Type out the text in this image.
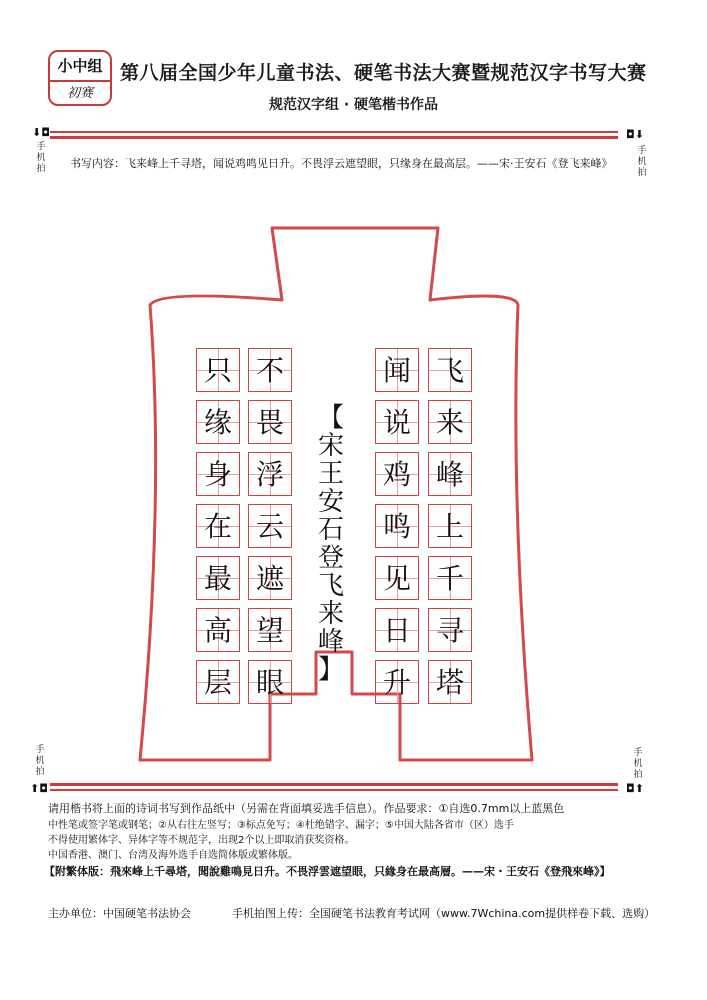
小中组
初赛
第八届全国少年儿童书法、硬笔书法大赛暨规范汉字书写大赛
规范汉字组 · 硬笔楷书作品
⬇◘
手机拍
◘⬇
手机拍
书写内容：飞来峰上千寻塔，闻说鸡鸣见日升。不畏浮云遮望眼，只缘身在最高层。——宋·王安石《登飞来峰》
只
缘
身
在
最
高
层
不
畏
浮
云
遮
望
眼
闻
说
鸡
鸣
见
日
升
飞
来
峰
上
千
寻
塔
【
宋
王
安
石
登
飞
来
峰
】
手机拍
⬆◘
手机拍
◘⬆
请用楷书将上面的诗词书写到作品纸中（另需在背面填妥选手信息）。作品要求：①自选0.7mm以上蓝黑色
中性笔或签字笔或钢笔；②从右往左竖写；③标点免写；④杜绝错字、漏字；⑤中国大陆各省市（区）选手
不得使用繁体字、异体字等不规范字，出现2个以上即取消获奖资格。
中国香港、澳门、台湾及海外选手自选简体版或繁体版。
【附繁体版：飛來峰上千尋塔，聞說雞鳴見日升。不畏浮雲遮望眼，只緣身在最高層。——宋・王安石《登飛來峰》】
主办单位：中国硬笔书法协会	手机拍图上传：全国硬笔书法教育考试网（www.7Wchina.com提供样卷下载、选购）
